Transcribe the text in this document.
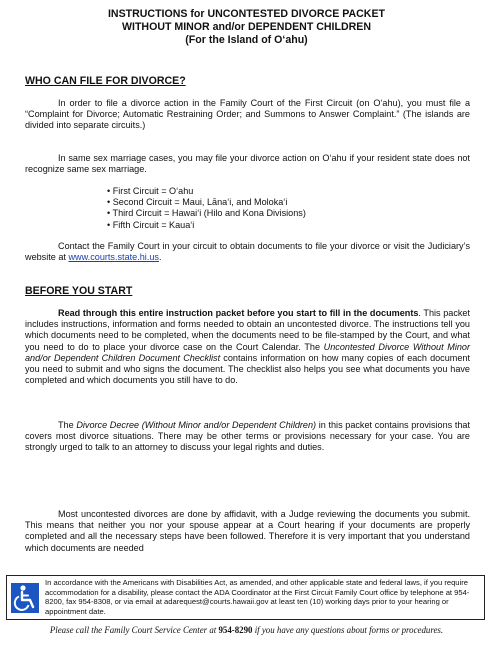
INSTRUCTIONS for UNCONTESTED DIVORCE PACKET
WITHOUT MINOR and/or DEPENDENT CHILDREN
(For the Island of O‘ahu)
WHO CAN FILE FOR DIVORCE?
In order to file a divorce action in the Family Court of the First Circuit (on O‘ahu), you must file a “Complaint for Divorce; Automatic Restraining Order; and Summons to Answer Complaint.” (The islands are divided into separate circuits.)
In same sex marriage cases, you may file your divorce action on O‘ahu if your resident state does not recognize same sex marriage.
• First Circuit = O‘ahu
• Second Circuit = Maui, Lāna‘i, and Moloka‘i
• Third Circuit = Hawai‘i (Hilo and Kona Divisions)
• Fifth Circuit = Kaua‘i
Contact the Family Court in your circuit to obtain documents to file your divorce or visit the Judiciary’s website at www.courts.state.hi.us.
BEFORE YOU START
Read through this entire instruction packet before you start to fill in the documents. This packet includes instructions, information and forms needed to obtain an uncontested divorce. The instructions tell you which documents need to be completed, when the documents need to be file-stamped by the Court, and what you need to do to place your divorce case on the Court Calendar. The Uncontested Divorce Without Minor and/or Dependent Children Document Checklist contains information on how many copies of each document you need to submit and who signs the document. The checklist also helps you see what documents you have completed and which documents you still have to do.
The Divorce Decree (Without Minor and/or Dependent Children) in this packet contains provisions that covers most divorce situations. There may be other terms or provisions necessary for your case. You are strongly urged to talk to an attorney to discuss your legal rights and duties.
Most uncontested divorces are done by affidavit, with a Judge reviewing the documents you submit. This means that neither you nor your spouse appear at a Court hearing if your documents are properly completed and all the necessary steps have been followed. Therefore it is very important that you understand which documents are needed
In accordance with the Americans with Disabilities Act, as amended, and other applicable state and federal laws, if you require accommodation for a disability, please contact the ADA Coordinator at the First Circuit Family Court office by telephone at 954-8200, fax 954-8308, or via email at adarequest@courts.hawaii.gov at least ten (10) working days prior to your hearing or appointment date.
Please call the Family Court Service Center at 954-8290 if you have any questions about forms or procedures.
